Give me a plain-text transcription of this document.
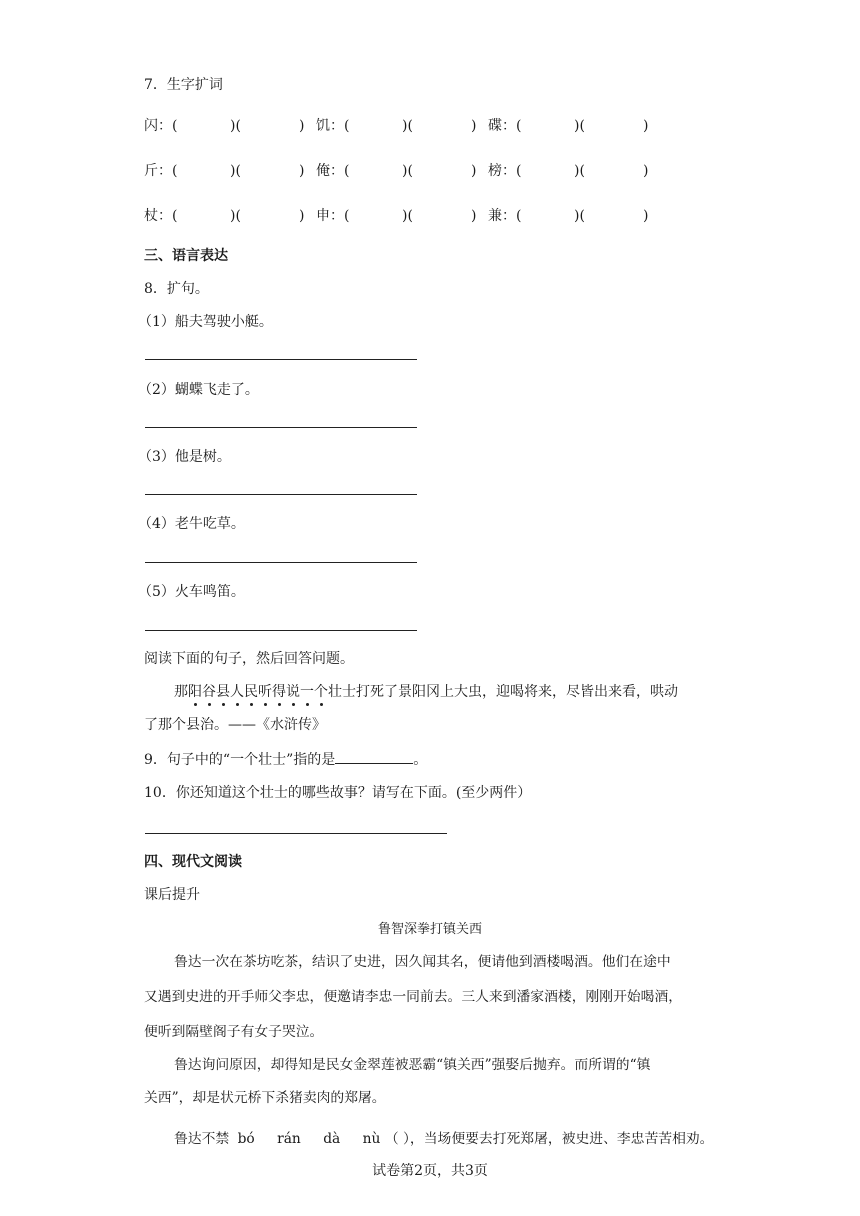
7．生字扩词
闪：(	)(	) 饥：(	)(	) 碟：(	)(	)
斤：(	)(	) 俺：(	)(	) 榜：(	)(	)
杖：(	)(	) 申：(	)(	) 兼：(	)(	)
三、语言表达
8．扩句。
（1）船夫驾驶小艇。
（2）蝴蝶飞走了。
（3）他是树。
（4）老牛吃草。
（5）火车鸣笛。
阅读下面的句子，然后回答问题。
那阳谷县人民听得说一个壮士打死了景阳冈上大虫，迎喝将来，尽皆出来看，哄动
了那个县治。——《水浒传》
9．句子中的“一个壮士”指的是	。
10．你还知道这个壮士的哪些故事？请写在下面。(至少两件）
四、现代文阅读
课后提升
鲁智深拳打镇关西
鲁达一次在茶坊吃茶，结识了史进，因久闻其名，便请他到酒楼喝酒。他们在途中
又遇到史进的开手师父李忠，便邀请李忠一同前去。三人来到潘家酒楼，刚刚开始喝酒，
便听到隔壁阁子有女子哭泣。
鲁达询问原因，却得知是民女金翠莲被恶霸“镇关西”强娶后抛弃。而所谓的“镇
关西”，却是状元桥下杀猪卖肉的郑屠。
鲁达不禁 bó rán dà nù （ ），当场便要去打死郑屠，被史进、李忠苦苦相劝。
试卷第2页，共3页
